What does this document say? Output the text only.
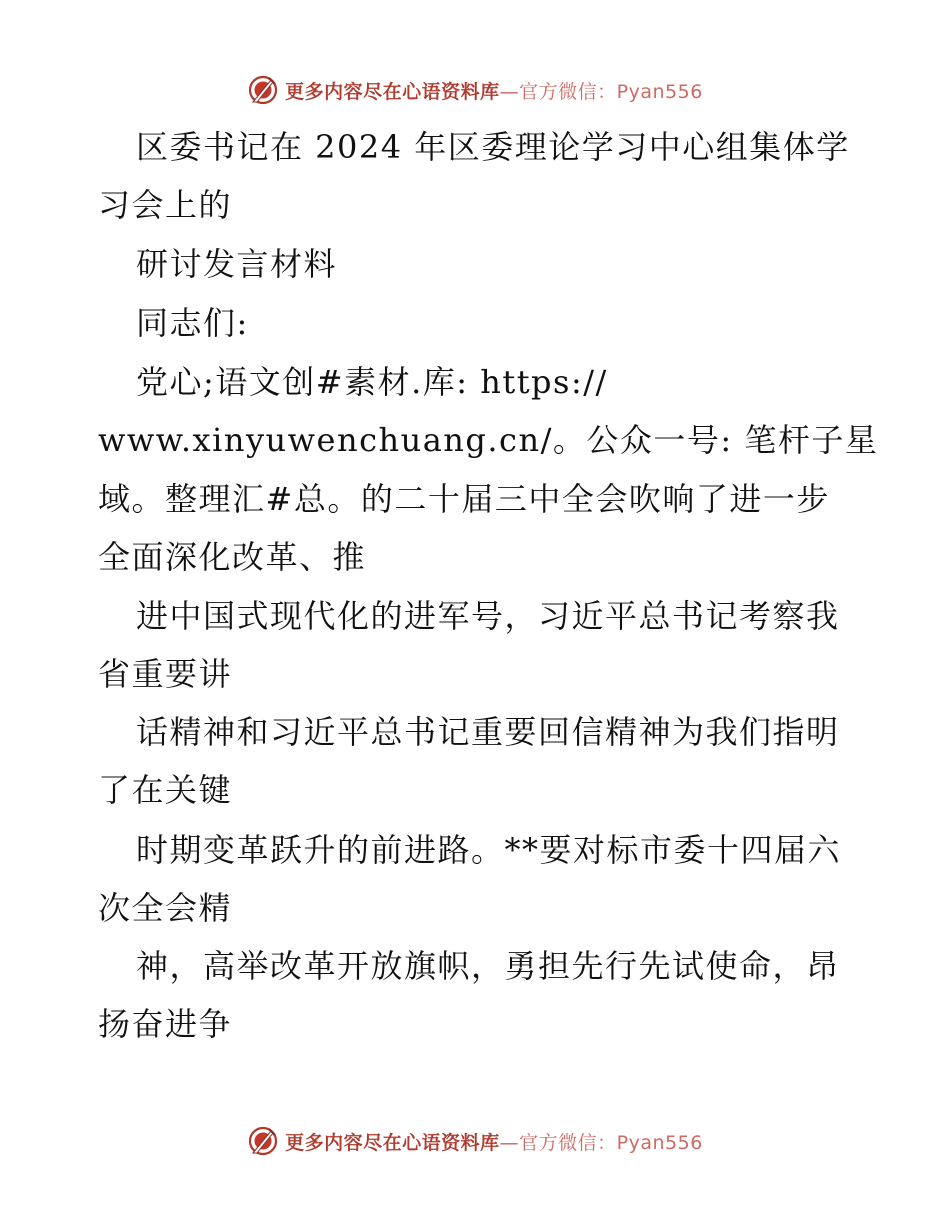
更多内容尽在心语资料库—官方微信：Pyan556
区委书记在 2024 年区委理论学习中心组集体学
习会上的
研讨发言材料
同志们:
党心;语文创#素材.库: https://
www.xinyuwenchuang.cn/。公众一号: 笔杆子星
域。整理汇#总。的二十届三中全会吹响了进一步
全面深化改革、推
进中国式现代化的进军号，习近平总书记考察我
省重要讲
话精神和习近平总书记重要回信精神为我们指明
了在关键
时期变革跃升的前进路。**要对标市委十四届六
次全会精
神，高举改革开放旗帜，勇担先行先试使命，昂
扬奋进争
更多内容尽在心语资料库—官方微信：Pyan556
